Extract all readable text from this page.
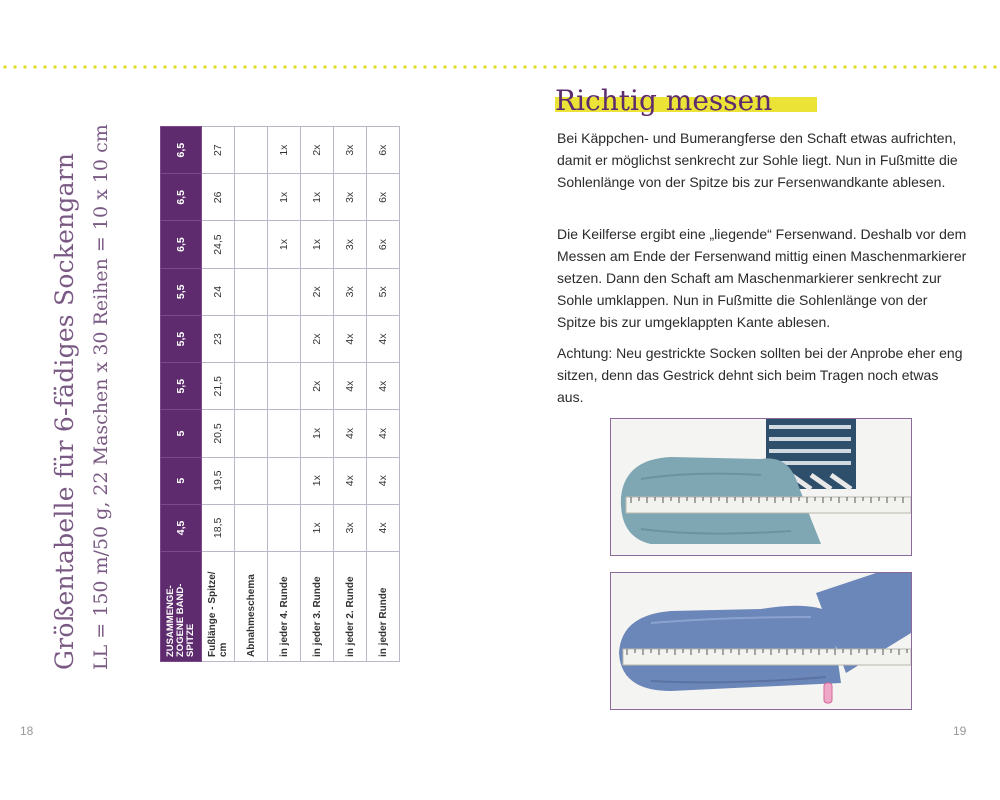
Größentabelle für 6-fädiges Sockengarn LL = 150 m/50 g, 22 Maschen x 30 Reihen = 10 x 10 cm	ZUSAMMENGE- ZOGENE BAND- SPITZE	4,5	5	5	5,5	5,5	5,5	6,5	6,5	6,5
Fußlänge - Spitze/ cm	18,5	19,5	20,5	21,5	23	24	24,5	26	27
Abnahmeschema									
in jeder 4. Runde							1x	1x	1x
in jeder 3. Runde	1x	1x	1x	2x	2x	2x	1x	1x	2x
in jeder 2. Runde	3x	4x	4x	4x	4x	3x	3x	3x	3x
in jeder Runde	4x	4x	4x	4x	4x	5x	6x	6x	6x
18
Richtig messen

Bei Käppchen- und Bumerangferse den Schaft etwas aufrichten, damit er möglichst senkrecht zur Sohle liegt. Nun in Fußmitte die Sohlenlänge von der Spitze bis zur Fersenwandkante ablesen.

Die Keilferse ergibt eine „liegende“ Fersenwand. Deshalb vor dem Messen am Ende der Fersenwand mittig einen Maschenmarkierer setzen. Dann den Schaft am Maschenmarkierer senkrecht zur Sohle umklappen. Nun in Fußmitte die Sohlenlänge von der Spitze bis zur umgeklappten Kante ablesen.

Achtung: Neu gestrickte Socken sollten bei der Anprobe eher eng sitzen, denn das Gestrick dehnt sich beim Tragen noch etwas aus.

19
